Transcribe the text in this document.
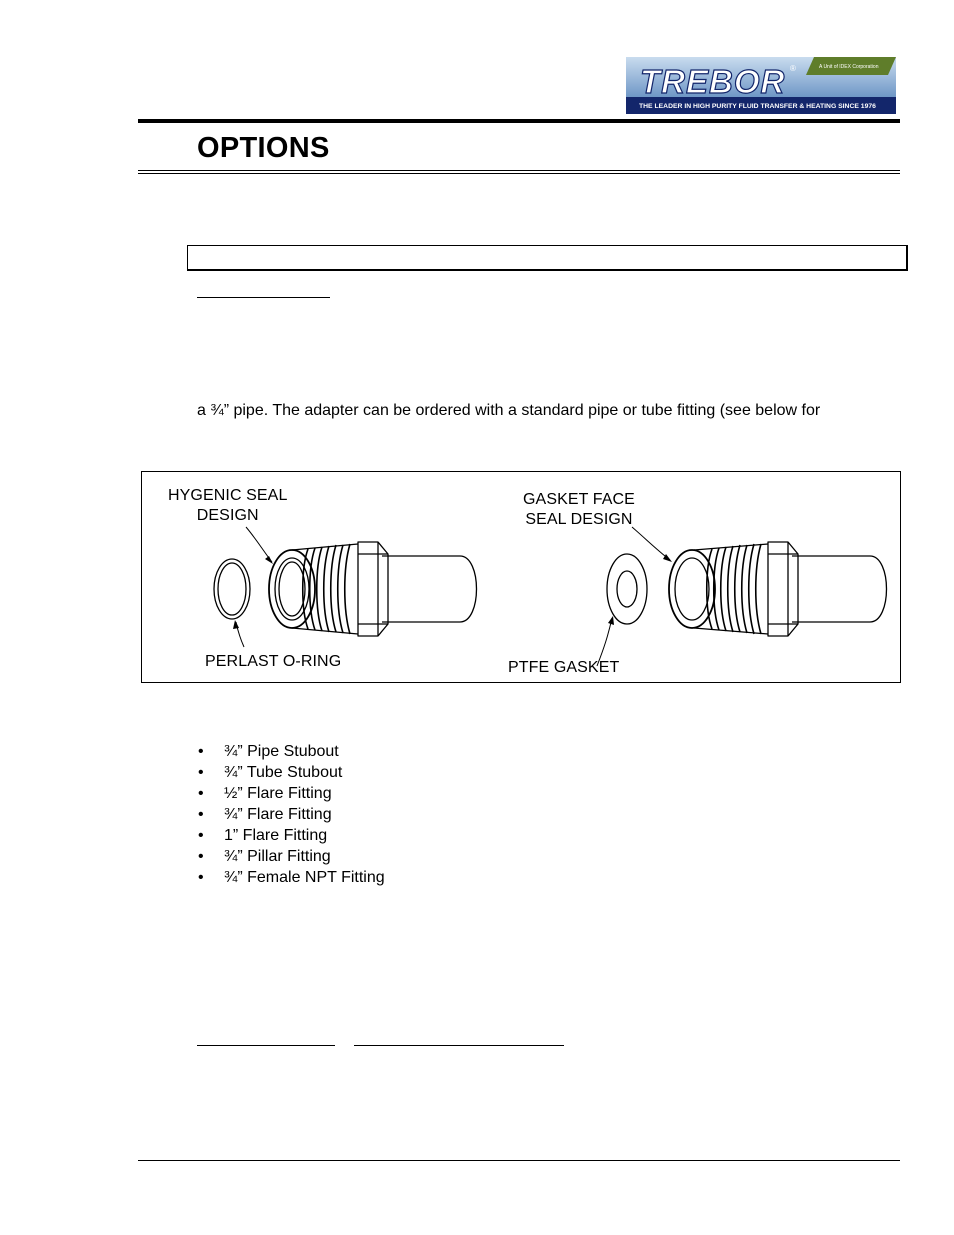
TREBOR ®	A Unit of IDEX Corporation
THE LEADER IN HIGH PURITY FLUID TRANSFER & HEATING SINCE 1976
OPTIONS
a ¾” pipe. The adapter can be ordered with a standard pipe or tube fitting (see below for
HYGENIC SEAL
DESIGN
GASKET FACE
SEAL DESIGN
PERLAST O-RING	PTFE GASKET
• ¾” Pipe Stubout
• ¾” Tube Stubout
• ½” Flare Fitting
• ¾” Flare Fitting
• 1” Flare Fitting
• ¾” Pillar Fitting
• ¾” Female NPT Fitting
